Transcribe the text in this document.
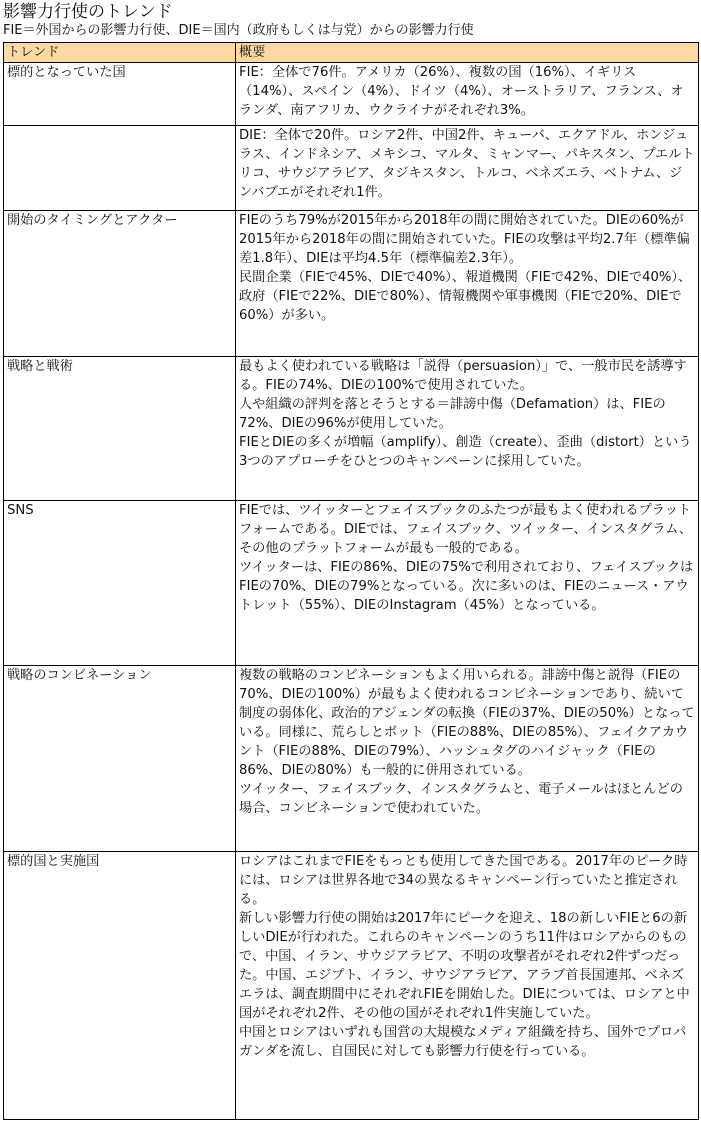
影響力行使のトレンド
FIE＝外国からの影響力行使、DIE＝国内（政府もしくは与党）からの影響力行使
トレンド	概要
標的となっていた国	FIE：全体で76件。アメリカ（26%）、複数の国（16%）、イギリス（14%）、スペイン（4%）、ドイツ（4%）、オーストラリア、フランス、オランダ、南アフリカ、ウクライナがそれぞれ3%。

	DIE：全体で20件。ロシア2件、中国2件、キューバ、エクアドル、ホンジュラス、インドネシア、メキシコ、マルタ、ミャンマー、パキスタン、プエルトリコ、サウジアラビア、タジキスタン、トルコ、ベネズエラ、ベトナム、ジンバブエがそれぞれ1件。

開始のタイミングとアクター	FIEのうち79%が2015年から2018年の間に開始されていた。DIEの60%が2015年から2018年の間に開始されていた。FIEの攻撃は平均2.7年（標準偏差1.8年）、DIEは平均4.5年（標準偏差2.3年）。

民間企業（FIEで45%、DIEで40%）、報道機関（FIEで42%、DIEで40%）、政府（FIEで22%、DIEで80%）、情報機関や軍事機関（FIEで20%、DIEで60%）が多い。

戦略と戦術	最もよく使われている戦略は「説得（persuasion）」で、一般市民を誘導する。FIEの74%、DIEの100%で使用されていた。

人や組織の評判を落とそうとする＝誹謗中傷（Defamation）は、FIEの72%、DIEの96%が使用していた。

FIEとDIEの多くが増幅（amplify）、創造（create）、歪曲（distort）という3つのアプローチをひとつのキャンペーンに採用していた。

SNS	FIEでは、ツイッターとフェイスブックのふたつが最もよく使われるプラットフォームである。DIEでは、フェイスブック、ツイッター、インスタグラム、その他のプラットフォームが最も一般的である。

ツイッターは、FIEの86%、DIEの75%で利用されており、フェイスブックはFIEの70%、DIEの79%となっている。次に多いのは、FIEのニュース・アウトレット（55%）、DIEのInstagram（45%）となっている。

戦略のコンビネーション	複数の戦略のコンビネーションもよく用いられる。誹謗中傷と説得（FIEの70%、DIEの100%）が最もよく使われるコンビネーションであり、続いて制度の弱体化、政治的アジェンダの転換（FIEの37%、DIEの50%）となっている。同様に、荒らしとボット（FIEの88%、DIEの85%）、フェイクアカウント（FIEの88%、DIEの79%）、ハッシュタグのハイジャック（FIEの86%、DIEの80%）も一般的に併用されている。

ツイッター、フェイスブック、インスタグラムと、電子メールはほとんどの場合、コンビネーションで使われていた。

標的国と実施国	ロシアはこれまでFIEをもっとも使用してきた国である。2017年のピーク時には、ロシアは世界各地で34の異なるキャンペーン行っていたと推定される。

新しい影響力行使の開始は2017年にピークを迎え、18の新しいFIEと6の新しいDIEが行われた。これらのキャンペーンのうち11件はロシアからのもので、中国、イラン、サウジアラビア、不明の攻撃者がそれぞれ2件ずつだった。中国、エジプト、イラン、サウジアラビア、アラブ首長国連邦、ベネズエラは、調査期間中にそれぞれFIEを開始した。DIEについては、ロシアと中国がそれぞれ2件、その他の国がそれぞれ1件実施していた。

中国とロシアはいずれも国営の大規模なメディア組織を持ち、国外でプロパガンダを流し、自国民に対しても影響力行使を行っている。
